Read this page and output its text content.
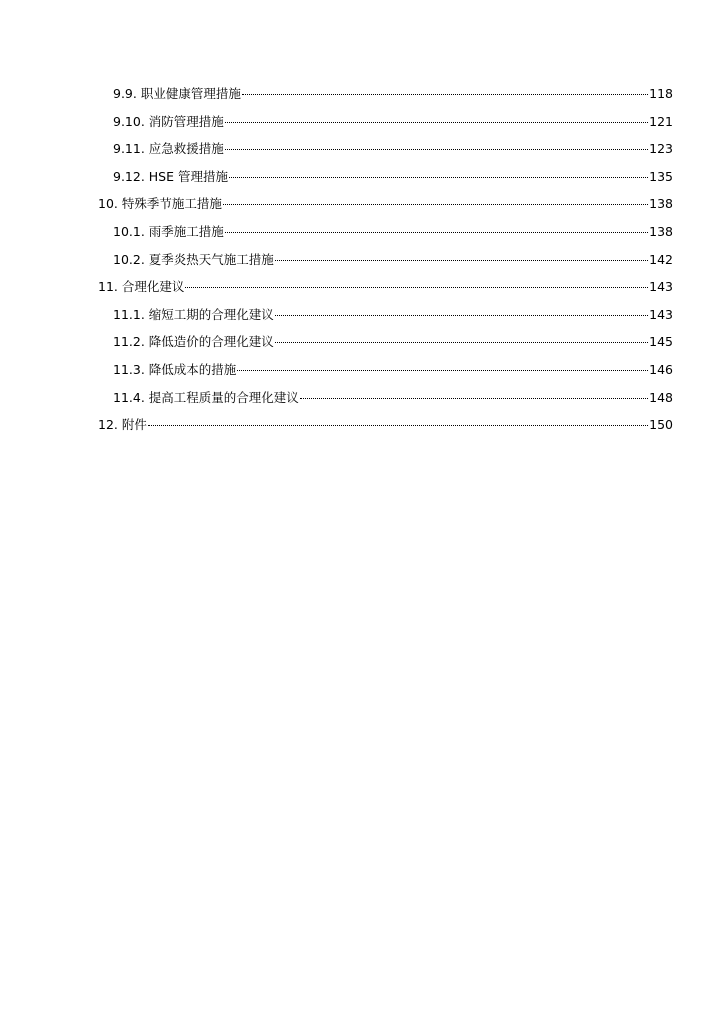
9.9. 职业健康管理措施	118
9.10. 消防管理措施	121
9.11. 应急救援措施	123
9.12. HSE 管理措施	135
10. 特殊季节施工措施	138
10.1. 雨季施工措施	138
10.2. 夏季炎热天气施工措施	142
11. 合理化建议	143
11.1. 缩短工期的合理化建议	143
11.2. 降低造价的合理化建议	145
11.3. 降低成本的措施	146
11.4. 提高工程质量的合理化建议	148
12. 附件	150
